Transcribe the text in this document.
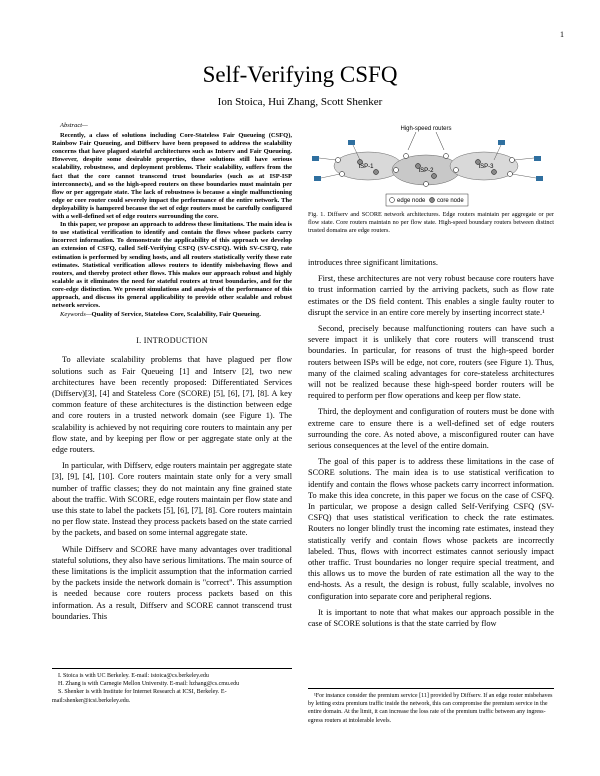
1
Self-Verifying CSFQ
Ion Stoica, Hui Zhang, Scott Shenker
Abstract—

Recently, a class of solutions including Core-Stateless Fair Queueing (CSFQ), Rainbow Fair Queueing, and Diffserv have been proposed to address the scalability concerns that have plagued stateful architectures such as Intserv and Fair Queueing. However, despite some desirable properties, these solutions still have serious scalability, robustness, and deployment problems. Their scalability, suffers from the fact that the core cannot transcend trust boundaries (such as at ISP-ISP interconnects), and so the high-speed routers on these boundaries must maintain per flow or per aggregate state. The lack of robustness is because a single malfunctioning edge or core router could severely impact the performance of the entire network. The deployability is hampered because the set of edge routers must be carefully configured with a well-defined set of edge routers surrounding the core.

In this paper, we propose an approach to address these limitations. The main idea is to use statistical verification to identify and contain the flows whose packets carry incorrect information. To demonstrate the applicability of this approach we develop an extension of CSFQ, called Self-Verifying CSFQ (SV-CSFQ). With SV-CSFQ, rate estimation is performed by sending hosts, and all routers statistically verify these rate estimates. Statistical verification allows routers to identify misbehaving flows and routers, and thereby protect other flows. This makes our approach robust and highly scalable as it eliminates the need for stateful routers at trust boundaries, and for the core-edge distinction. We present simulations and analysis of the performance of this approach, and discuss its general applicability to provide other scalable and robust network services.

Keywords—Quality of Service, Stateless Core, Scalability, Fair Queueing.
I. INTRODUCTION

To alleviate scalability problems that have plagued per flow solutions such as Fair Queueing [1] and Intserv [2], two new architectures have been recently proposed: Differentiated Services (Diffserv)[3], [4] and Stateless Core (SCORE) [5], [6], [7], [8]. A key common feature of these architectures is the distinction between edge and core routers in a trusted network domain (see Figure 1). The scalability is achieved by not requiring core routers to maintain any per flow state, and by keeping per flow or per aggregate state only at the edge routers.

In particular, with Diffserv, edge routers maintain per aggregate state [3], [9], [4], [10]. Core routers maintain state only for a very small number of traffic classes; they do not maintain any fine grained state about the traffic. With SCORE, edge routers maintain per flow state and use this state to label the packets [5], [6], [7], [8]. Core routers maintain no per flow state. Instead they process packets based on the state carried by the packets, and based on some internal aggregate state.

While Diffserv and SCORE have many advantages over traditional stateful solutions, they also have serious limitations. The main source of these limitations is the implicit assumption that the information carried by the packets inside the network domain is "correct". This assumption is needed because core routers process packets based on this information. As a result, Diffserv and SCORE cannot transcend trust boundaries. This

I. Stoica is with UC Berkeley. E-mail: istoica@cs.berkeley.edu
H. Zhang is with Carnegie Mellon University. E-mail: hzhang@cs.cmu.edu
S. Shenker is with Institute for Internet Research at ICSI, Berkeley. E-mail:shenker@icsi.berkeley.edu.
High-speed routers
ISP-1
ISP-2
ISP-3
edge node core node
Fig. 1. Diffserv and SCORE network architectures. Edge routers maintain per aggregate or per flow state. Core routers maintain no per flow state. High-speed boundary routers between distinct trusted domains are edge routers.

introduces three significant limitations.

First, these architectures are not very robust because core routers have to trust information carried by the arriving packets, such as flow rate estimates or the DS field content. This enables a single faulty router to disrupt the service in an entire core merely by inserting incorrect state.¹

Second, precisely because malfunctioning routers can have such a severe impact it is unlikely that core routers will transcend trust boundaries. In particular, for reasons of trust the high-speed border routers between ISPs will be edge, not core, routers (see Figure 1). Thus, many of the claimed scaling advantages for core-stateless architectures will not be realized because these high-speed border routers will be required to perform per flow operations and keep per flow state.

Third, the deployment and configuration of routers must be done with extreme care to ensure there is a well-defined set of edge routers surrounding the core. As noted above, a misconfigured router can have serious consequences at the level of the entire domain.

The goal of this paper is to address these limitations in the case of SCORE solutions. The main idea is to use statistical verification to identify and contain the flows whose packets carry incorrect information. To make this idea concrete, in this paper we focus on the case of CSFQ. In particular, we propose a design called Self-Verifying CSFQ (SV-CSFQ) that uses statistical verification to check the rate estimates. Routers no longer blindly trust the incoming rate estimates, instead they statistically verify and contain flows whose packets are incorrectly labeled. Thus, flows with incorrect estimates cannot seriously impact other traffic. Trust boundaries no longer require special treatment, and this allows us to move the burden of rate estimation all the way to the end-hosts. As a result, the design is robust, fully scalable, involves no configuration into separate core and peripheral regions.

It is important to note that what makes our approach possible in the case of SCORE solutions is that the state carried by flow

¹For instance consider the premium service [11] provided by Diffserv. If an edge router misbehaves by letting extra premium traffic inside the network, this can compromise the premium service in the entire domain. At the limit, it can increase the loss rate of the premium traffic between any ingress-egress routers at intolerable levels.
